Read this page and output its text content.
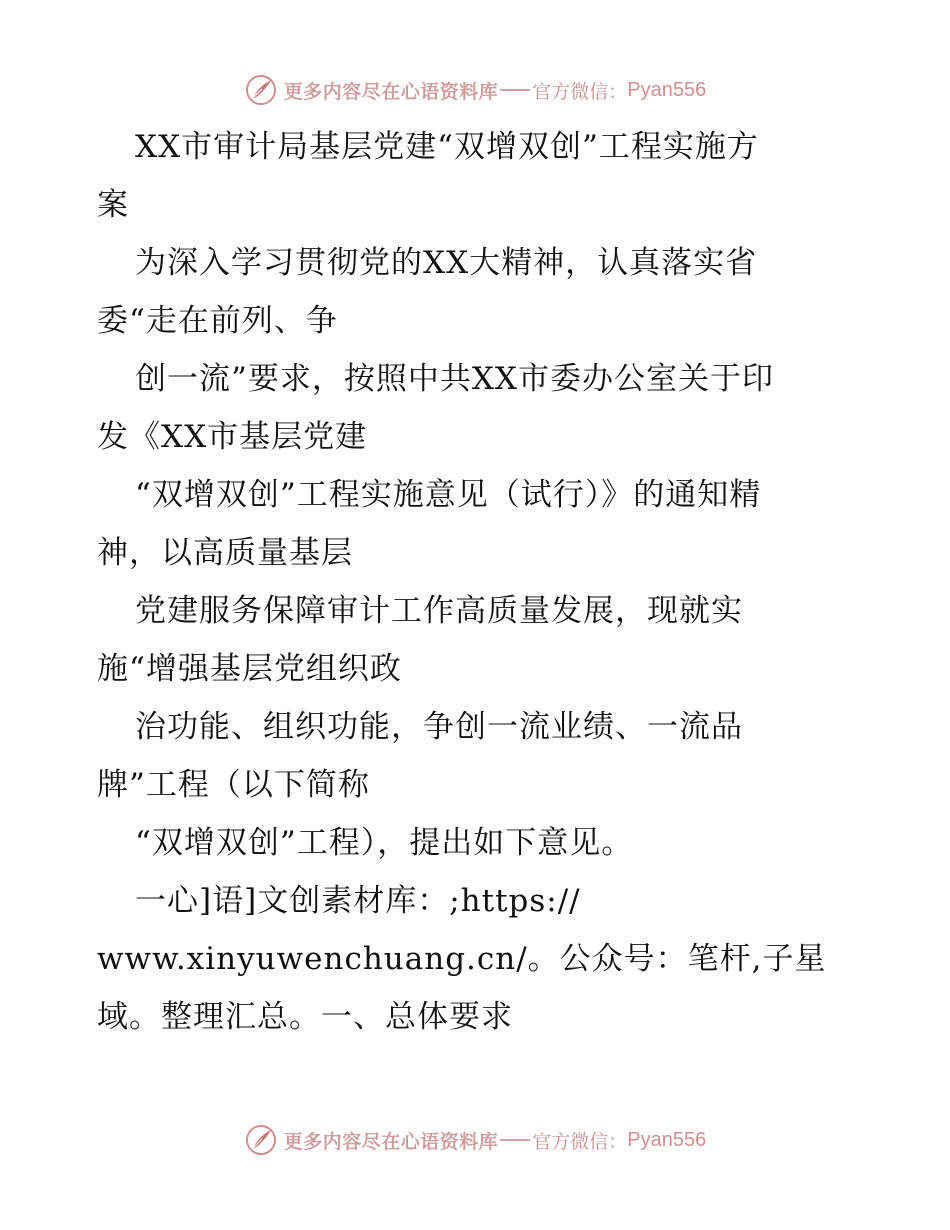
更多内容尽在心语资料库 官方微信： Pyan556
XX市审计局基层党建“双增双创”工程实施方
案
为深入学习贯彻党的XX大精神，认真落实省
委“走在前列、争
创一流”要求，按照中共XX市委办公室关于印
发《XX市基层党建
“双增双创”工程实施意见（试行）》的通知精
神，以高质量基层
党建服务保障审计工作高质量发展，现就实
施“增强基层党组织政
治功能、组织功能，争创一流业绩、一流品
牌”工程（以下简称
“双增双创”工程），提出如下意见。
一心]语]文创素材库：;https://
www.xinyuwenchuang.cn/。公众号：笔杆,子星
域。整理汇总。一、总体要求
更多内容尽在心语资料库 官方微信： Pyan556
